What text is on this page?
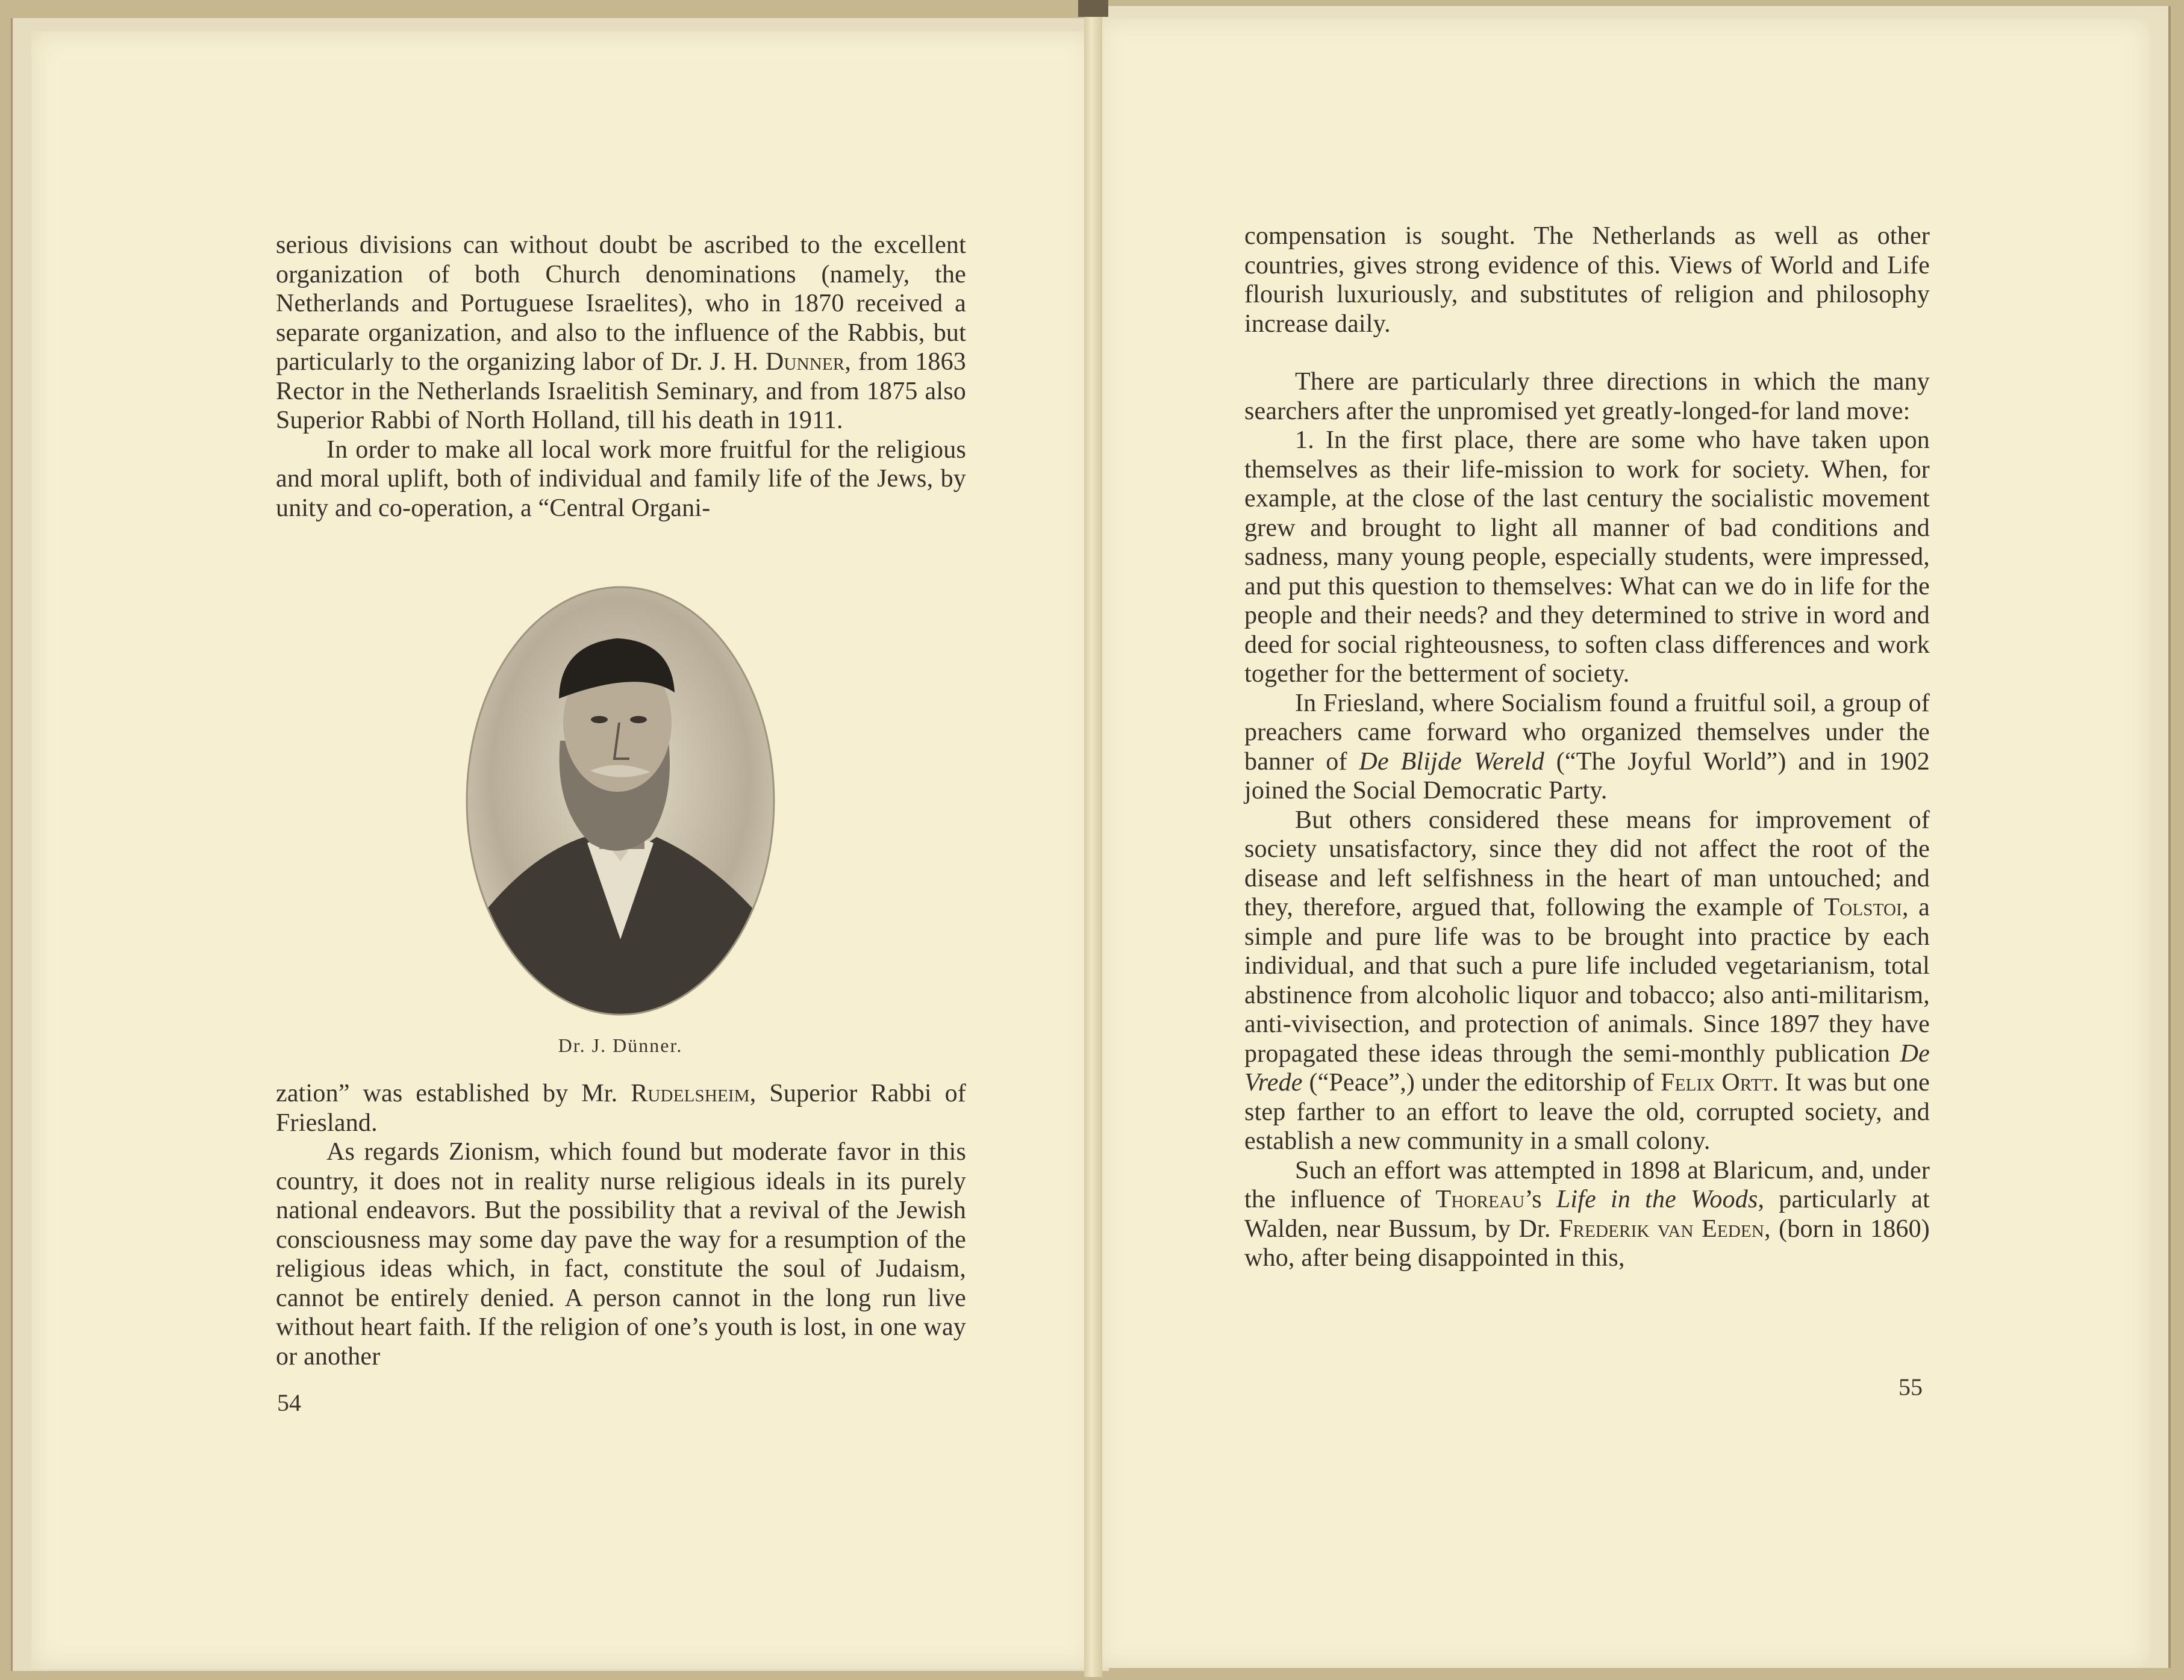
serious divisions can without doubt be ascribed to the excellent organization of both Church denominations (namely, the Netherlands and Portuguese Israelites), who in 1870 received a separate organization, and also to the influence of the Rabbis, but particularly to the organizing labor of Dr. J. H. Dunner, from 1863 Rector in the Netherlands Israelitish Seminary, and from 1875 also Superior Rabbi of North Holland, till his death in 1911.

In order to make all local work more fruitful for the religious and moral uplift, both of individual and family life of the Jews, by unity and co-operation, a “Central Organi-

Dr. J. Dünner.

zation” was established by Mr. Rudelsheim, Superior Rabbi of Friesland.

As regards Zionism, which found but moderate favor in this country, it does not in reality nurse religious ideals in its purely national endeavors. But the possibility that a revival of the Jewish consciousness may some day pave the way for a resumption of the religious ideas which, in fact, constitute the soul of Judaism, cannot be entirely denied. A person cannot in the long run live without heart faith. If the religion of one’s youth is lost, in one way or another

54

compensation is sought. The Netherlands as well as other countries, gives strong evidence of this. Views of World and Life flourish luxuriously, and substitutes of religion and philosophy increase daily.

There are particularly three directions in which the many searchers after the unpromised yet greatly-longed-for land move:

1. In the first place, there are some who have taken upon themselves as their life-mission to work for society. When, for example, at the close of the last century the socialistic movement grew and brought to light all manner of bad conditions and sadness, many young people, especially students, were impressed, and put this question to themselves: What can we do in life for the people and their needs? and they determined to strive in word and deed for social righteousness, to soften class differences and work together for the betterment of society.

In Friesland, where Socialism found a fruitful soil, a group of preachers came forward who organized themselves under the banner of De Blijde Wereld (“The Joyful World”) and in 1902 joined the Social Democratic Party.

But others considered these means for improvement of society unsatisfactory, since they did not affect the root of the disease and left selfishness in the heart of man untouched; and they, therefore, argued that, following the example of Tolstoi, a simple and pure life was to be brought into practice by each individual, and that such a pure life included vegetarianism, total abstinence from alcoholic liquor and tobacco; also anti-militarism, anti-vivisection, and protection of animals. Since 1897 they have propagated these ideas through the semi-monthly publication De Vrede (“Peace”,) under the editorship of Felix Ortt. It was but one step farther to an effort to leave the old, corrupted society, and establish a new community in a small colony.

Such an effort was attempted in 1898 at Blaricum, and, under the influence of Thoreau’s Life in the Woods, particularly at Walden, near Bussum, by Dr. Frederik van Eeden, (born in 1860) who, after being disappointed in this,

55
